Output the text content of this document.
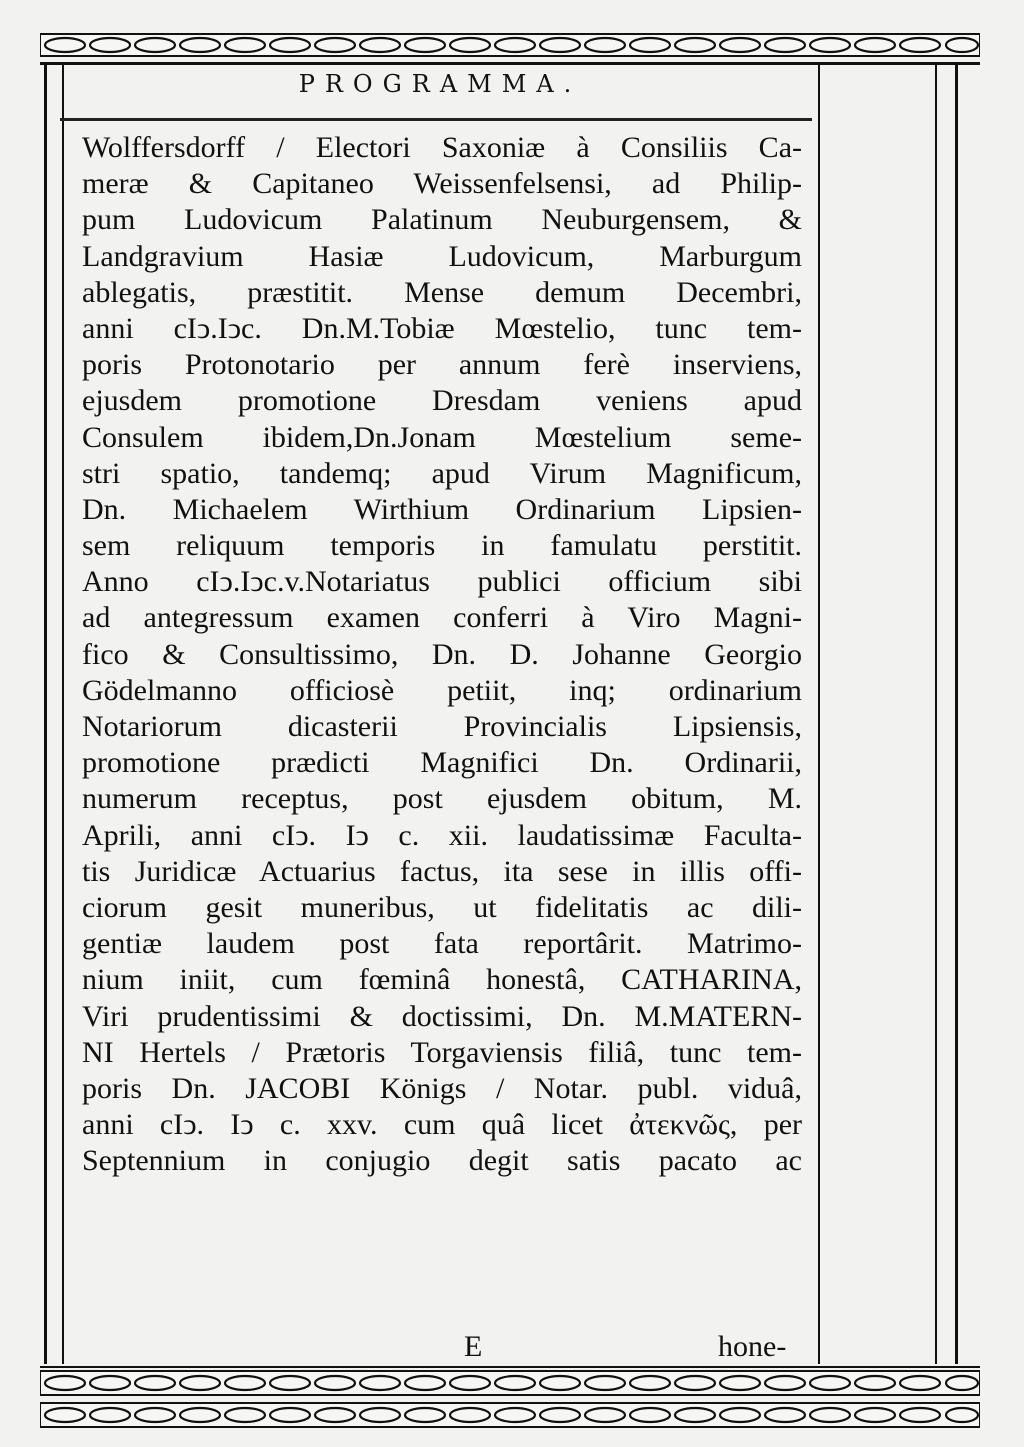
PROGRAMMA.
Wolffersdorff / Electori Saxoniæ à Consiliis Ca-
meræ & Capitaneo Weissenfelsensi, ad Philip-
pum Ludovicum Palatinum Neuburgensem, &
Landgravium Hasiæ Ludovicum, Marburgum
ablegatis, præstitit. Mense demum Decembri,
anni cIↄ.Iↄc. Dn.M.Tobiæ Mœstelio, tunc tem-
poris Protonotario per annum ferè inserviens,
ejusdem promotione Dresdam veniens apud
Consulem ibidem,Dn.Jonam Mœstelium seme-
stri spatio, tandemq; apud Virum Magnificum,
Dn. Michaelem Wirthium Ordinarium Lipsien-
sem reliquum temporis in famulatu perstitit.
Anno cIↄ.Iↄc.v.Notariatus publici officium sibi
ad antegressum examen conferri à Viro Magni-
fico & Consultissimo, Dn. D. Johanne Georgio
Gödelmanno officiosè petiit, inq; ordinarium
Notariorum dicasterii Provincialis Lipsiensis,
promotione prædicti Magnifici Dn. Ordinarii,
numerum receptus, post ejusdem obitum, M.
Aprili, anni cIↄ. Iↄ c. xii. laudatissimæ Faculta-
tis Juridicæ Actuarius factus, ita sese in illis offi-
ciorum gesit muneribus, ut fidelitatis ac dili-
gentiæ laudem post fata reportârit. Matrimo-
nium iniit, cum fœminâ honestâ, CATHARINA,
Viri prudentissimi & doctissimi, Dn. M.MATERN-
NI Hertels / Prætoris Torgaviensis filiâ, tunc tem-
poris Dn. JACOBI Königs / Notar. publ. viduâ,
anni cIↄ. Iↄ c. xxv. cum quâ licet ἀτεκνῶς, per
Septennium in conjugio degit satis pacato ac
E	hone-
